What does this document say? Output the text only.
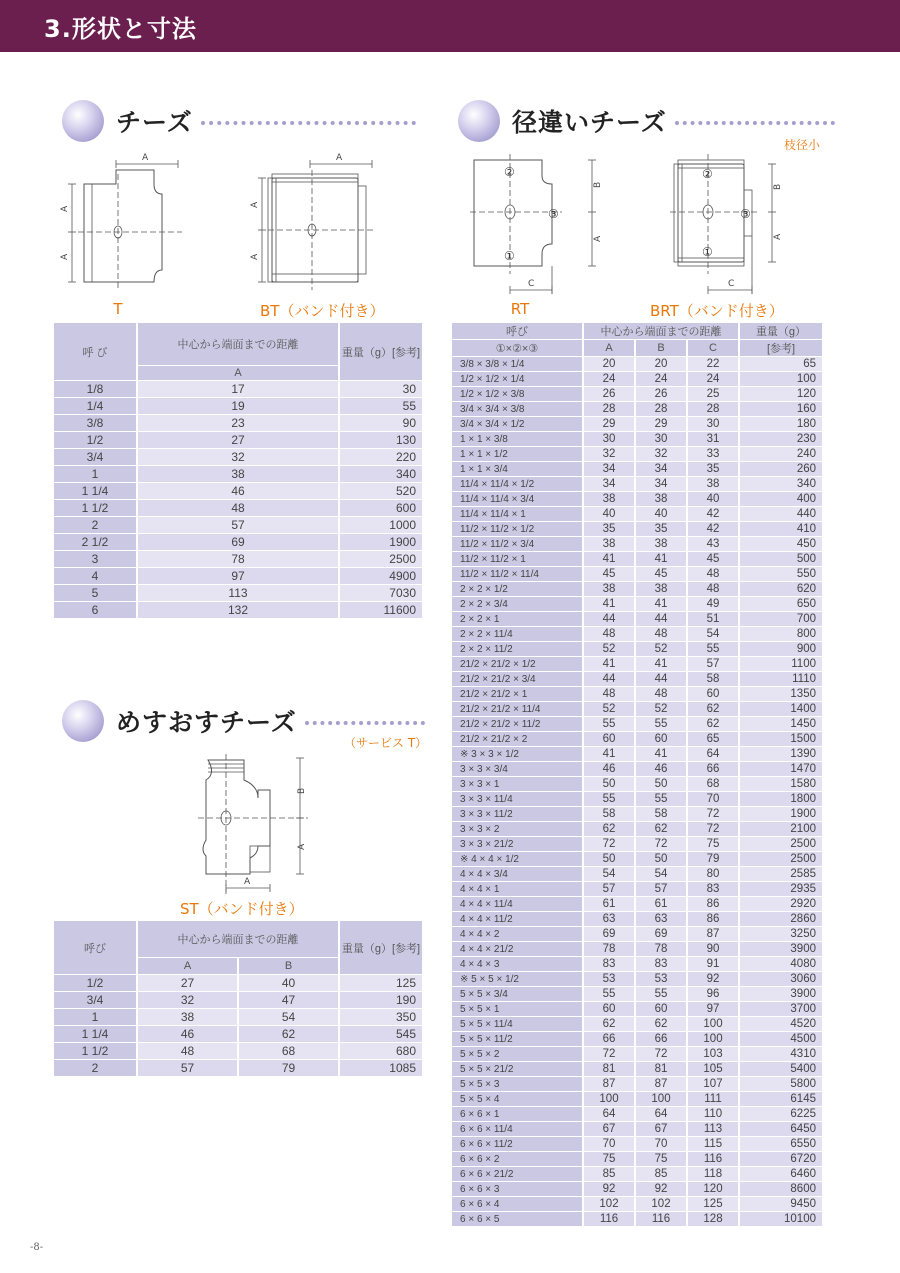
3.形状と寸法
チーズ	径違いチーズ
枝径小
めすおすチーズ
（サービス T）
A
A
A
T
A
A
A
BT（バンド付き）
②
③
①
B
A
C
RT
②
③
①
B
A
C
BRT（バンド付き）
B
A
A
ST（バンド付き）
呼 び	中心から端面までの距離	重量（g）[参考]
	A	
1/8	17	30
1/4	19	55
3/8	23	90
1/2	27	130
3/4	32	220
1	38	340
1 1/4	46	520
1 1/2	48	600
2	57	1000
2 1/2	69	1900
3	78	2500
4	97	4900
5	113	7030
6	132	11600
呼び	中心から端面までの距離		重量（g）[参考]
	A	B	
1/2	27	40	125
3/4	32	47	190
1	38	54	350
1 1/4	46	62	545
1 1/2	48	68	680
2	57	79	1085
呼び	中心から端面までの距離			重量（g）
①×②×③	A	B	C	[参考]
3/8 × 3/8 × 1/4	20	20	22	65
1/2 × 1/2 × 1/4	24	24	24	100
1/2 × 1/2 × 3/8	26	26	25	120
3/4 × 3/4 × 3/8	28	28	28	160
3/4 × 3/4 × 1/2	29	29	30	180
1 × 1 × 3/8	30	30	31	230
1 × 1 × 1/2	32	32	33	240
1 × 1 × 3/4	34	34	35	260
11/4 × 11/4 × 1/2	34	34	38	340
11/4 × 11/4 × 3/4	38	38	40	400
11/4 × 11/4 × 1	40	40	42	440
11/2 × 11/2 × 1/2	35	35	42	410
11/2 × 11/2 × 3/4	38	38	43	450
11/2 × 11/2 × 1	41	41	45	500
11/2 × 11/2 × 11/4	45	45	48	550
2 × 2 × 1/2	38	38	48	620
2 × 2 × 3/4	41	41	49	650
2 × 2 × 1	44	44	51	700
2 × 2 × 11/4	48	48	54	800
2 × 2 × 11/2	52	52	55	900
21/2 × 21/2 × 1/2	41	41	57	1100
21/2 × 21/2 × 3/4	44	44	58	1110
21/2 × 21/2 × 1	48	48	60	1350
21/2 × 21/2 × 11/4	52	52	62	1400
21/2 × 21/2 × 11/2	55	55	62	1450
21/2 × 21/2 × 2	60	60	65	1500
※ 3 × 3 × 1/2	41	41	64	1390
3 × 3 × 3/4	46	46	66	1470
3 × 3 × 1	50	50	68	1580
3 × 3 × 11/4	55	55	70	1800
3 × 3 × 11/2	58	58	72	1900
3 × 3 × 2	62	62	72	2100
3 × 3 × 21/2	72	72	75	2500
※ 4 × 4 × 1/2	50	50	79	2500
4 × 4 × 3/4	54	54	80	2585
4 × 4 × 1	57	57	83	2935
4 × 4 × 11/4	61	61	86	2920
4 × 4 × 11/2	63	63	86	2860
4 × 4 × 2	69	69	87	3250
4 × 4 × 21/2	78	78	90	3900
4 × 4 × 3	83	83	91	4080
※ 5 × 5 × 1/2	53	53	92	3060
5 × 5 × 3/4	55	55	96	3900
5 × 5 × 1	60	60	97	3700
5 × 5 × 11/4	62	62	100	4520
5 × 5 × 11/2	66	66	100	4500
5 × 5 × 2	72	72	103	4310
5 × 5 × 21/2	81	81	105	5400
5 × 5 × 3	87	87	107	5800
5 × 5 × 4	100	100	111	6145
6 × 6 × 1	64	64	110	6225
6 × 6 × 11/4	67	67	113	6450
6 × 6 × 11/2	70	70	115	6550
6 × 6 × 2	75	75	116	6720
6 × 6 × 21/2	85	85	118	6460
6 × 6 × 3	92	92	120	8600
6 × 6 × 4	102	102	125	9450
6 × 6 × 5	116	116	128	10100
-8-
